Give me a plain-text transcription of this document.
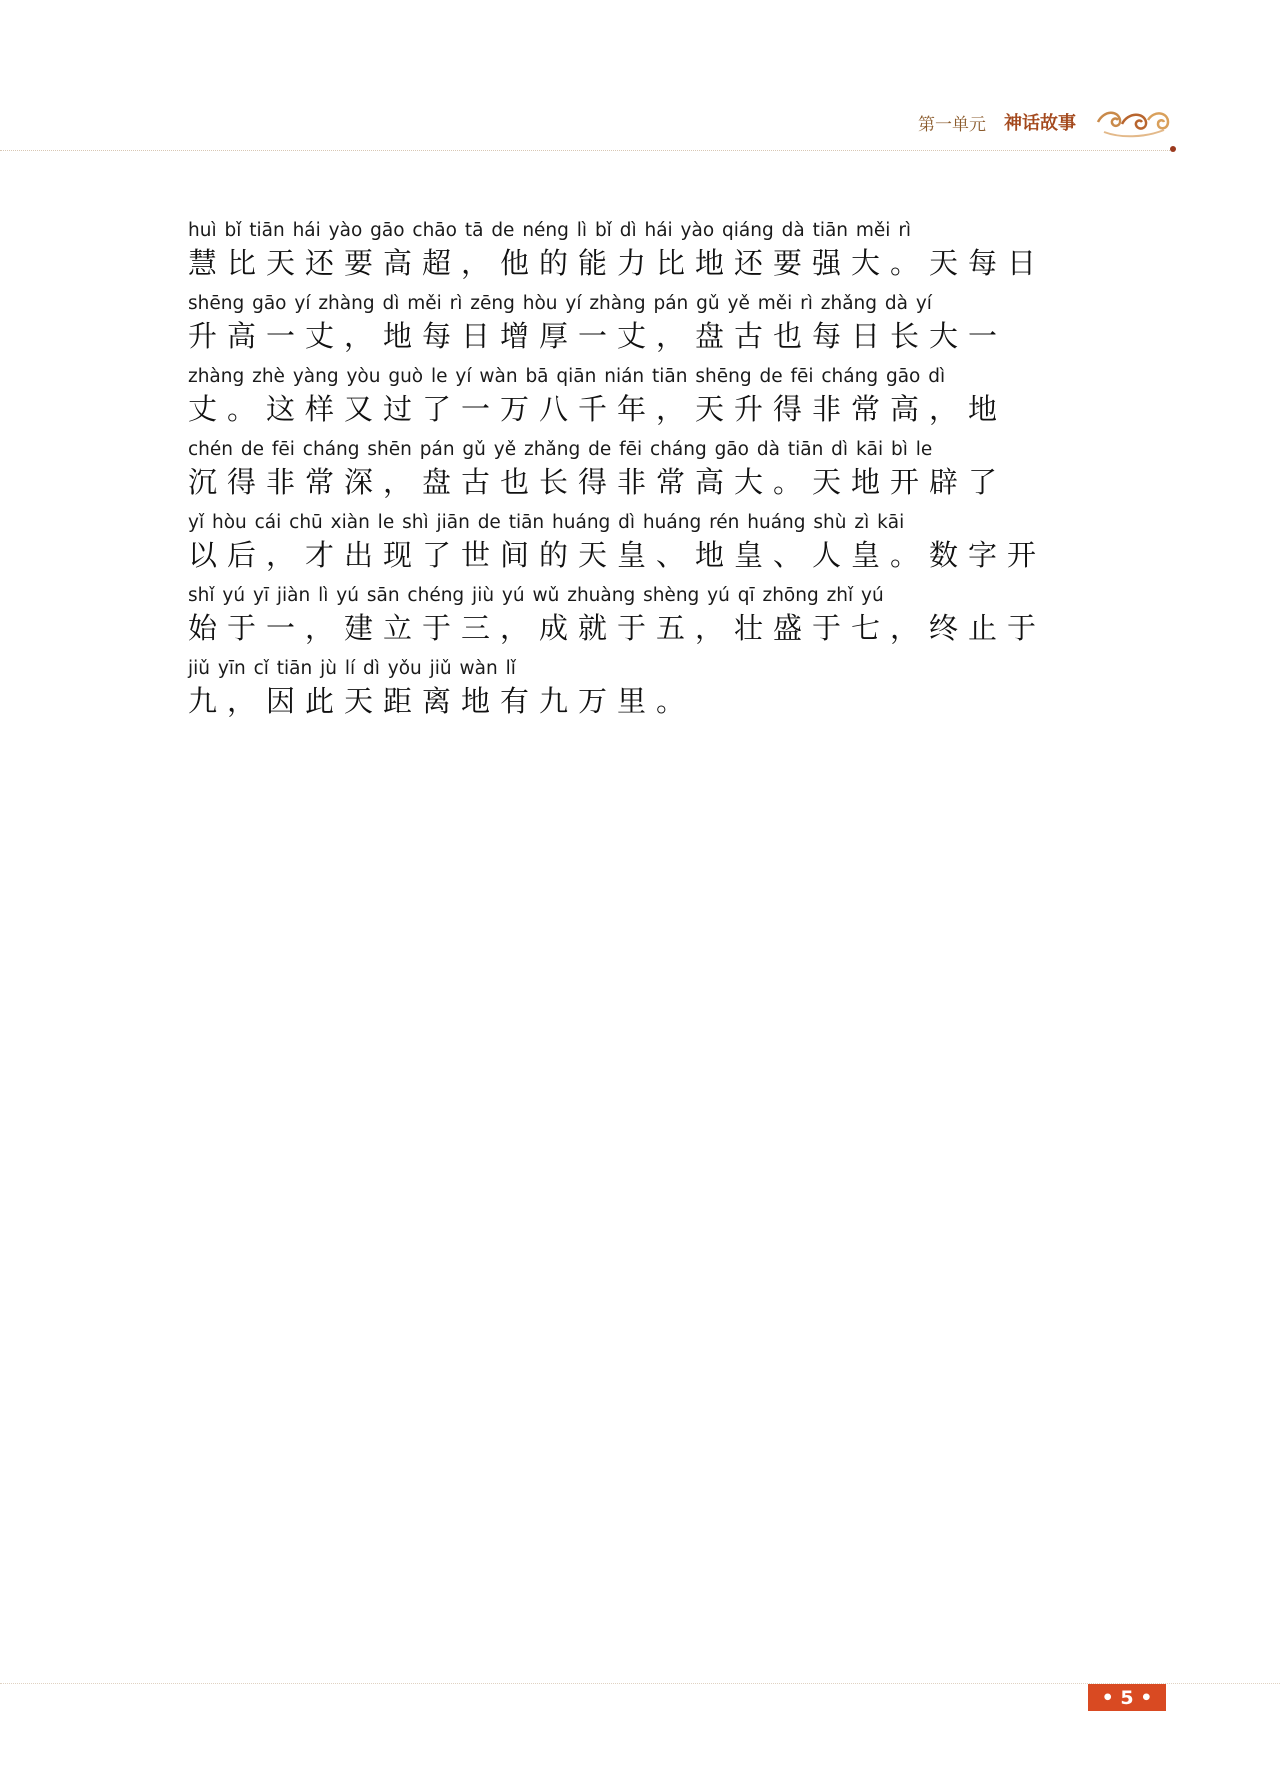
第一单元 神话故事
huì bǐ tiān hái yào gāo chāo tā de néng lì bǐ dì hái yào qiáng dà tiān měi rì
慧比天还要高超，他的能力比地还要强大。天每日
shēng gāo yí zhàng dì měi rì zēng hòu yí zhàng pán gǔ yě měi rì zhǎng dà yí
升高一丈，地每日增厚一丈，盘古也每日长大一
zhàng zhè yàng yòu guò le yí wàn bā qiān nián tiān shēng de fēi cháng gāo dì
丈。这样又过了一万八千年，天升得非常高，地
chén de fēi cháng shēn pán gǔ yě zhǎng de fēi cháng gāo dà tiān dì kāi bì le
沉得非常深，盘古也长得非常高大。天地开辟了
yǐ hòu cái chū xiàn le shì jiān de tiān huáng dì huáng rén huáng shù zì kāi
以后，才出现了世间的天皇、地皇、人皇。数字开
shǐ yú yī jiàn lì yú sān chéng jiù yú wǔ zhuàng shèng yú qī zhōng zhǐ yú
始于一，建立于三，成就于五，壮盛于七，终止于
jiǔ yīn cǐ tiān jù lí dì yǒu jiǔ wàn lǐ
九，因此天距离地有九万里。
• 5 •
